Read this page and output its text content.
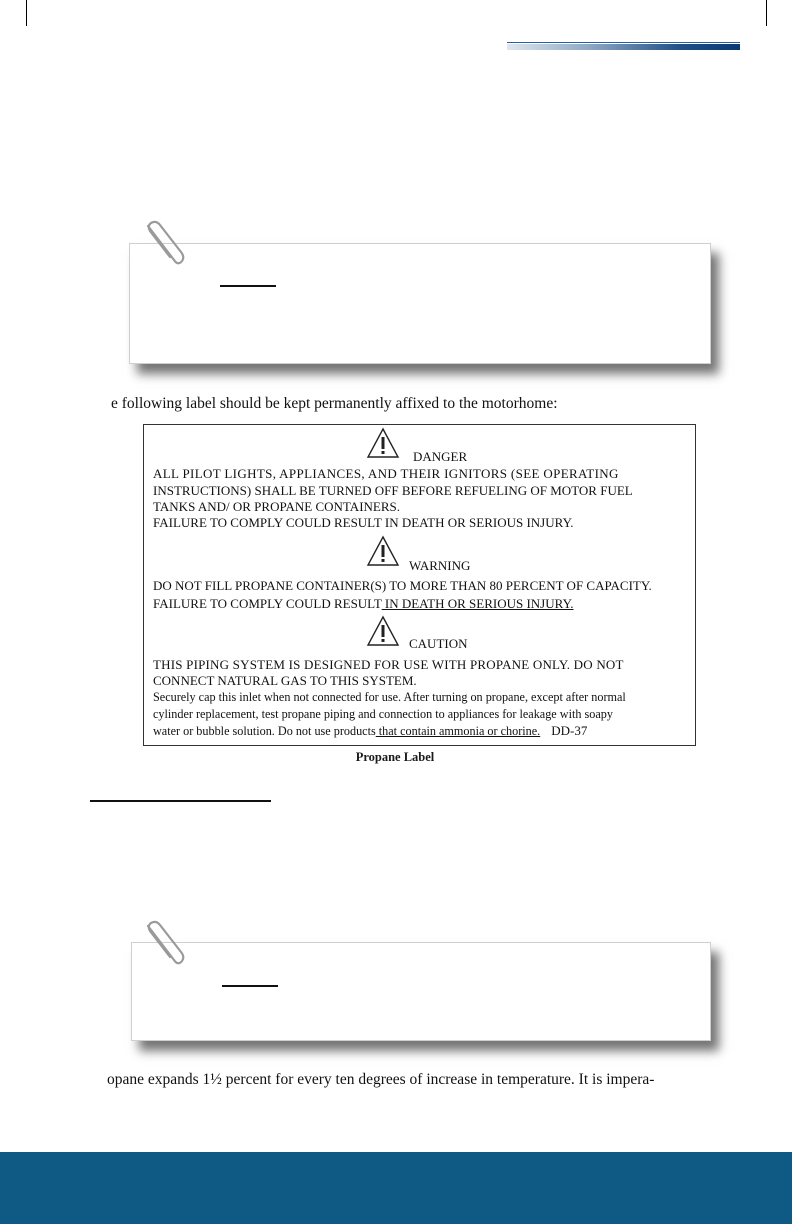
e following label should be kept permanently affixed to the motorhome:
DANGER
ALL PILOT LIGHTS, APPLIANCES, AND THEIR IGNITORS (SEE OPERATING
INSTRUCTIONS) SHALL BE TURNED OFF BEFORE REFUELING OF MOTOR FUEL
TANKS AND/ OR PROPANE CONTAINERS.
FAILURE TO COMPLY COULD RESULT IN DEATH OR SERIOUS INJURY.
WARNING
DO NOT FILL PROPANE CONTAINER(S) TO MORE THAN 80 PERCENT OF CAPACITY.
FAILURE TO COMPLY COULD RESULT IN DEATH OR SERIOUS INJURY.
CAUTION
THIS PIPING SYSTEM IS DESIGNED FOR USE WITH PROPANE ONLY. DO NOT
CONNECT NATURAL GAS TO THIS SYSTEM.
Securely cap this inlet when not connected for use. After turning on propane, except after normal
cylinder replacement, test propane piping and connection to appliances for leakage with soapy
water or bubble solution. Do not use products that contain ammonia or chorine. DD-37
Propane Label
opane expands 1½ percent for every ten degrees of increase in temperature. It is impera-
